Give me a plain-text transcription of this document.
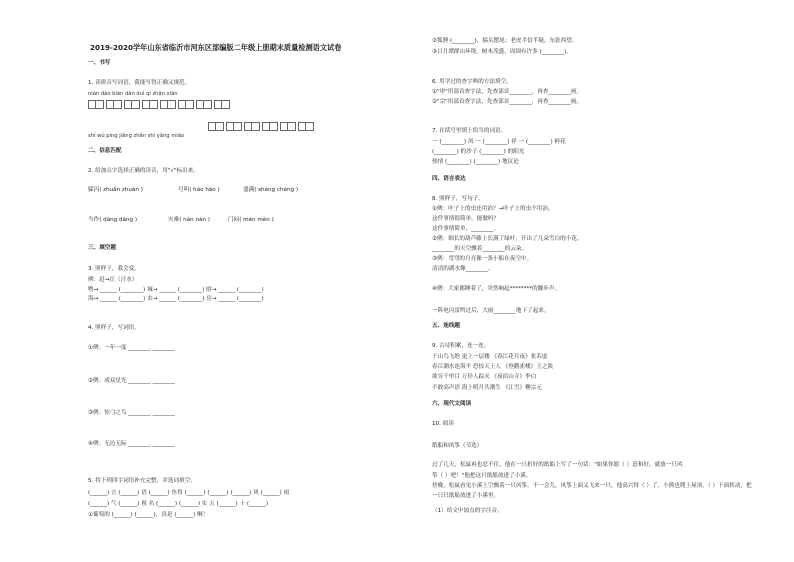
2019-2020学年山东省临沂市河东区部编版二年级上册期末质量检测语文试卷
一、书写
1. 读拼音写词语，我能写得正确又规范。
nián dào biān dǎn duì qí zhǎn xiān
shí wú píng jiǎng zhǎn shì yǎng miáo
二、信息匹配
2. 给加点字选择正确的读音，用"√"标出来。
躲闪( zhuǎn zhuàn )	号叫( háo hào )	盛满( shèng chéng )
当作( dàng dāng )	灾难( nàn nán )	门闷( mén mèn )
三、填空题
3. 照样子，我会变。
例：赶→汪（汗水）
鸭→ ______ (________) 城→ ______ (________) 晗→ ______ (________)
海→ ______ (________) 农→ ______ (________) 房→ ______ (________)
4. 照样子，写词语。
①例：一年一度 ________ ________
②例：成双星光 ________ ________
③例：惊弓之鸟 ________ ________
④例：无边无际 ________ ________
5. 将下列四字词语补充完整，并选词填空。
(______) 言 (______) 语 (______) 鱼得 (______) (______) (______) 风 (______) 雨
(______) 气 (______) 视 名 (______) (______) 实 五 (______) 十 (______)
①葡萄的 (______) (______)，真是 (______) 啊！
②狐狸 (________)，搞头摆尾；老虎半信半疑，东张西望。
③日月潭群山环绕，树木茂盛，周围有许多 (________)。
6. 用学过的查字典的方法填空。
①"审"用部首查字法，先查部首________，再查________画。
②"宗"用部首查字法，先查部首________，再查________画。
7. 在括号里填上恰当的词语。
一 (________) 风 一 (________) 祥 一 (________) 鲜花
(________) 的沙子 (________) 的阳光
热情 (________) (________) 地议论
四、语言表达
8. 照样子，写句子。
①例：叶子上的虫还用治？→叶子上的虫不用治。
这件事情很简单，能做吗？
这件事情简单，________。
②例：细长的葫芦藤上长满了绿叶，开出了几朵雪白的小花。
________的天空飘着________的云朵。
③例：弯弯的月亮像一条小船在夜空中。
清清的湖水像________。
④例：大家都睡着了，突然响起********的脚步声。
一阵电闪雷鸣过后，大雨________地下了起来。
五、连线题
9. 古诗积累，连一连。
千山鸟飞绝 更上一层楼 《春江花月夜》张若虚
春江潮水连海平 恐惊天上人 《登鹳雀楼》王之涣
欲穷千里目 万径人踪灭 《夜宿山寺》李白
不敢高声语 海上明月共潮生 《江雪》柳宗元
六、现代文阅读
10. 阅读
纸船和风筝（节选）
过了几天，松鼠再也忍不住，他在一只折好的纸船上写了一句话："如果你愿（ ）意和好，就放一只风
筝（ ）吧！"他把这只纸船放进了小溪。
傍晚，松鼠看见小溪上空飘着一只风筝。不一会儿，风筝上面又飞来一只，他高兴得（ ）了。小熊也爬上屋顶，（ ）下面挥动，把
一只只纸船放进了小溪里。
（1）给文中加点的字注音。
